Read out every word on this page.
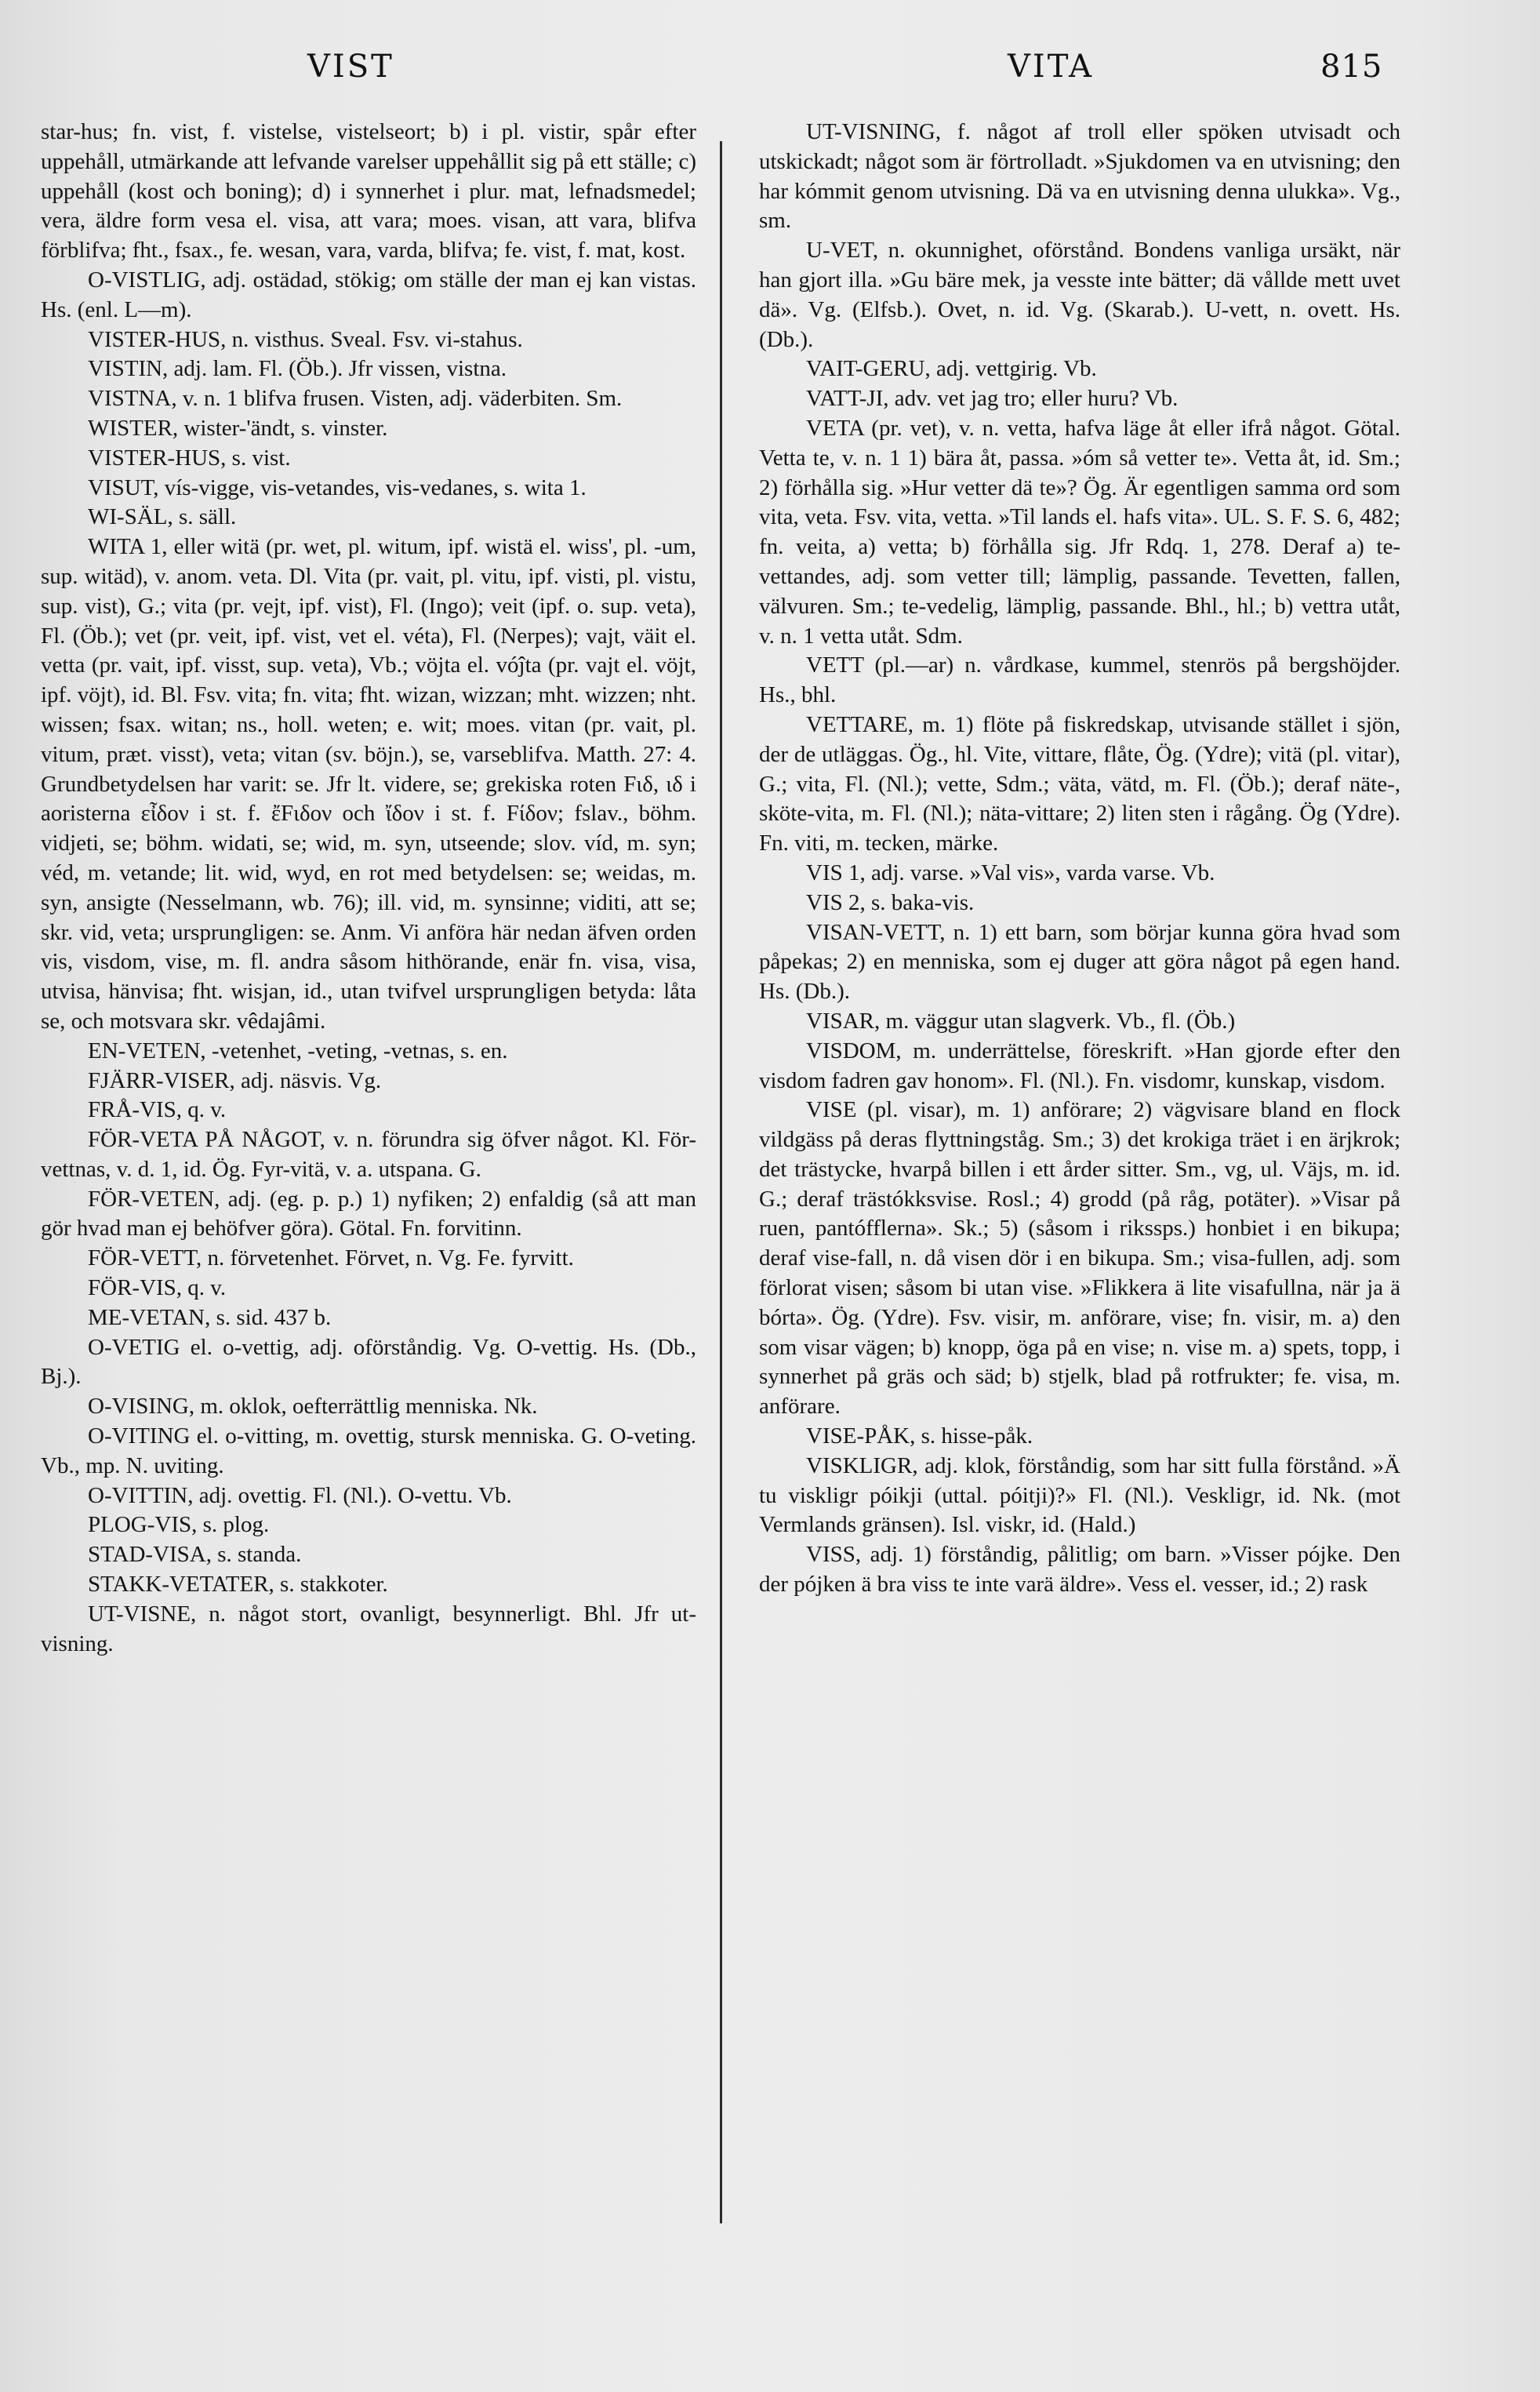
VIST	VITA	815

star-hus; fn. vist, f. vistelse, vistelseort; b) i pl. vistir, spår efter uppehåll, utmärkande att lefvande varelser uppehållit sig på ett ställe; c) uppehåll (kost och boning); d) i synnerhet i plur. mat, lefnadsmedel; vera, äldre form vesa el. visa, att vara; moes. visan, att vara, blifva förblifva; fht., fsax., fe. wesan, vara, varda, blifva; fe. vist, f. mat, kost.

O-VISTLIG, adj. ostädad, stökig; om ställe der man ej kan vistas. Hs. (enl. L—m).

VISTER-HUS, n. visthus. Sveal. Fsv. vi-stahus.

VISTIN, adj. lam. Fl. (Öb.). Jfr vissen, vistna.

VISTNA, v. n. 1 blifva frusen. Visten, adj. väderbiten. Sm.

WISTER, wister-'ändt, s. vinster.

VISTER-HUS, s. vist.

VISUT, vís-vigge, vis-vetandes, vis-vedanes, s. wita 1.

WI-SÄL, s. säll.

WITA 1, eller witä (pr. wet, pl. witum, ipf. wistä el. wiss', pl. -um, sup. witäd), v. anom. veta. Dl. Vita (pr. vait, pl. vitu, ipf. visti, pl. vistu, sup. vist), G.; vita (pr. vejt, ipf. vist), Fl. (Ingo); veit (ipf. o. sup. veta), Fl. (Öb.); vet (pr. veit, ipf. vist, vet el. véta), Fl. (Nerpes); vajt, väit el. vetta (pr. vait, ipf. visst, sup. veta), Vb.; vöjta el. vóĵta (pr. vajt el. vöjt, ipf. vöjt), id. Bl. Fsv. vita; fn. vita; fht. wizan, wizzan; mht. wizzen; nht. wissen; fsax. witan; ns., holl. weten; e. wit; moes. vitan (pr. vait, pl. vitum, præt. visst), veta; vitan (sv. böjn.), se, varseblifva. Matth. 27: 4. Grundbetydelsen har varit: se. Jfr lt. videre, se; grekiska roten Fιδ, ιδ i aoristerna εἶδον i st. f. ἔFιδον och ἴδον i st. f. Fίδον; fslav., böhm. vidjeti, se; böhm. widati, se; wid, m. syn, utseende; slov. víd, m. syn; véd, m. vetande; lit. wid, wyd, en rot med betydelsen: se; weidas, m. syn, ansigte (Nesselmann, wb. 76); ill. vid, m. synsinne; viditi, att se; skr. vid, veta; ursprungligen: se. Anm. Vi anföra här nedan äfven orden vis, visdom, vise, m. fl. andra såsom hithörande, enär fn. visa, visa, utvisa, hänvisa; fht. wisjan, id., utan tvifvel ursprungligen betyda: låta se, och motsvara skr. vêdajâmi.

EN-VETEN, -vetenhet, -veting, -vetnas, s. en.

FJÄRR-VISER, adj. näsvis. Vg.

FRÅ-VIS, q. v.

FÖR-VETA PÅ NÅGOT, v. n. förundra sig öfver något. Kl. För-vettnas, v. d. 1, id. Ög. Fyr-vitä, v. a. utspana. G.

FÖR-VETEN, adj. (eg. p. p.) 1) nyfiken; 2) enfaldig (så att man gör hvad man ej behöfver göra). Götal. Fn. forvitinn.

FÖR-VETT, n. förvetenhet. Förvet, n. Vg. Fe. fyrvitt.

FÖR-VIS, q. v.

ME-VETAN, s. sid. 437 b.

O-VETIG el. o-vettig, adj. oförståndig. Vg. O-vettig. Hs. (Db., Bj.).

O-VISING, m. oklok, oefterrättlig menniska. Nk.

O-VITING el. o-vitting, m. ovettig, stursk menniska. G. O-veting. Vb., mp. N. uviting.

O-VITTIN, adj. ovettig. Fl. (Nl.). O-vettu. Vb.

PLOG-VIS, s. plog.

STAD-VISA, s. standa.

STAKK-VETATER, s. stakkoter.

UT-VISNE, n. något stort, ovanligt, besynnerligt. Bhl. Jfr ut-visning.

UT-VISNING, f. något af troll eller spöken utvisadt och utskickadt; något som är förtrolladt. »Sjukdomen va en utvisning; den har kómmit genom utvisning. Dä va en utvisning denna ulukka». Vg., sm.

U-VET, n. okunnighet, oförstånd. Bondens vanliga ursäkt, när han gjort illa. »Gu bäre mek, ja vesste inte bätter; dä vållde mett uvet dä». Vg. (Elfsb.). Ovet, n. id. Vg. (Skarab.). U-vett, n. ovett. Hs. (Db.).

VAIT-GERU, adj. vettgirig. Vb.

VATT-JI, adv. vet jag tro; eller huru? Vb.

VETA (pr. vet), v. n. vetta, hafva läge åt eller ifrå något. Götal. Vetta te, v. n. 1 1) bära åt, passa. »óm så vetter te». Vetta åt, id. Sm.; 2) förhålla sig. »Hur vetter dä te»? Ög. Är egentligen samma ord som vita, veta. Fsv. vita, vetta. »Til lands el. hafs vita». UL. S. F. S. 6, 482; fn. veita, a) vetta; b) förhålla sig. Jfr Rdq. 1, 278. Deraf a) te-vettandes, adj. som vetter till; lämplig, passande. Tevetten, fallen, välvuren. Sm.; te-vedelig, lämplig, passande. Bhl., hl.; b) vettra utåt, v. n. 1 vetta utåt. Sdm.

VETT (pl.—ar) n. vårdkase, kummel, stenrös på bergshöjder. Hs., bhl.

VETTARE, m. 1) flöte på fiskredskap, utvisande stället i sjön, der de utläggas. Ög., hl. Vite, vittare, flåte, Ög. (Ydre); vitä (pl. vitar), G.; vita, Fl. (Nl.); vette, Sdm.; väta, vätd, m. Fl. (Öb.); deraf näte-, sköte-vita, m. Fl. (Nl.); näta-vittare; 2) liten sten i rågång. Ög (Ydre). Fn. viti, m. tecken, märke.

VIS 1, adj. varse. »Val vis», varda varse. Vb.

VIS 2, s. baka-vis.

VISAN-VETT, n. 1) ett barn, som börjar kunna göra hvad som påpekas; 2) en menniska, som ej duger att göra något på egen hand. Hs. (Db.).

VISAR, m. väggur utan slagverk. Vb., fl. (Öb.)

VISDOM, m. underrättelse, föreskrift. »Han gjorde efter den visdom fadren gav honom». Fl. (Nl.). Fn. visdomr, kunskap, visdom.

VISE (pl. visar), m. 1) anförare; 2) vägvisare bland en flock vildgäss på deras flyttningståg. Sm.; 3) det krokiga träet i en ärjkrok; det trästycke, hvarpå billen i ett årder sitter. Sm., vg, ul. Väjs, m. id. G.; deraf trästókksvise. Rosl.; 4) grodd (på råg, potäter). »Visar på ruen, pantófflerna». Sk.; 5) (såsom i rikssps.) honbiet i en bikupa; deraf vise-fall, n. då visen dör i en bikupa. Sm.; visa-fullen, adj. som förlorat visen; såsom bi utan vise. »Flikkera ä lite visafullna, när ja ä bórta». Ög. (Ydre). Fsv. visir, m. anförare, vise; fn. visir, m. a) den som visar vägen; b) knopp, öga på en vise; n. vise m. a) spets, topp, i synnerhet på gräs och säd; b) stjelk, blad på rotfrukter; fe. visa, m. anförare.

VISE-PÅK, s. hisse-påk.

VISKLIGR, adj. klok, förståndig, som har sitt fulla förstånd. »Ä tu viskligr póikji (uttal. póitji)?» Fl. (Nl.). Veskligr, id. Nk. (mot Vermlands gränsen). Isl. viskr, id. (Hald.)

VISS, adj. 1) förståndig, pålitlig; om barn. »Visser pójke. Den der pójken ä bra viss te inte varä äldre». Vess el. vesser, id.; 2) rask
